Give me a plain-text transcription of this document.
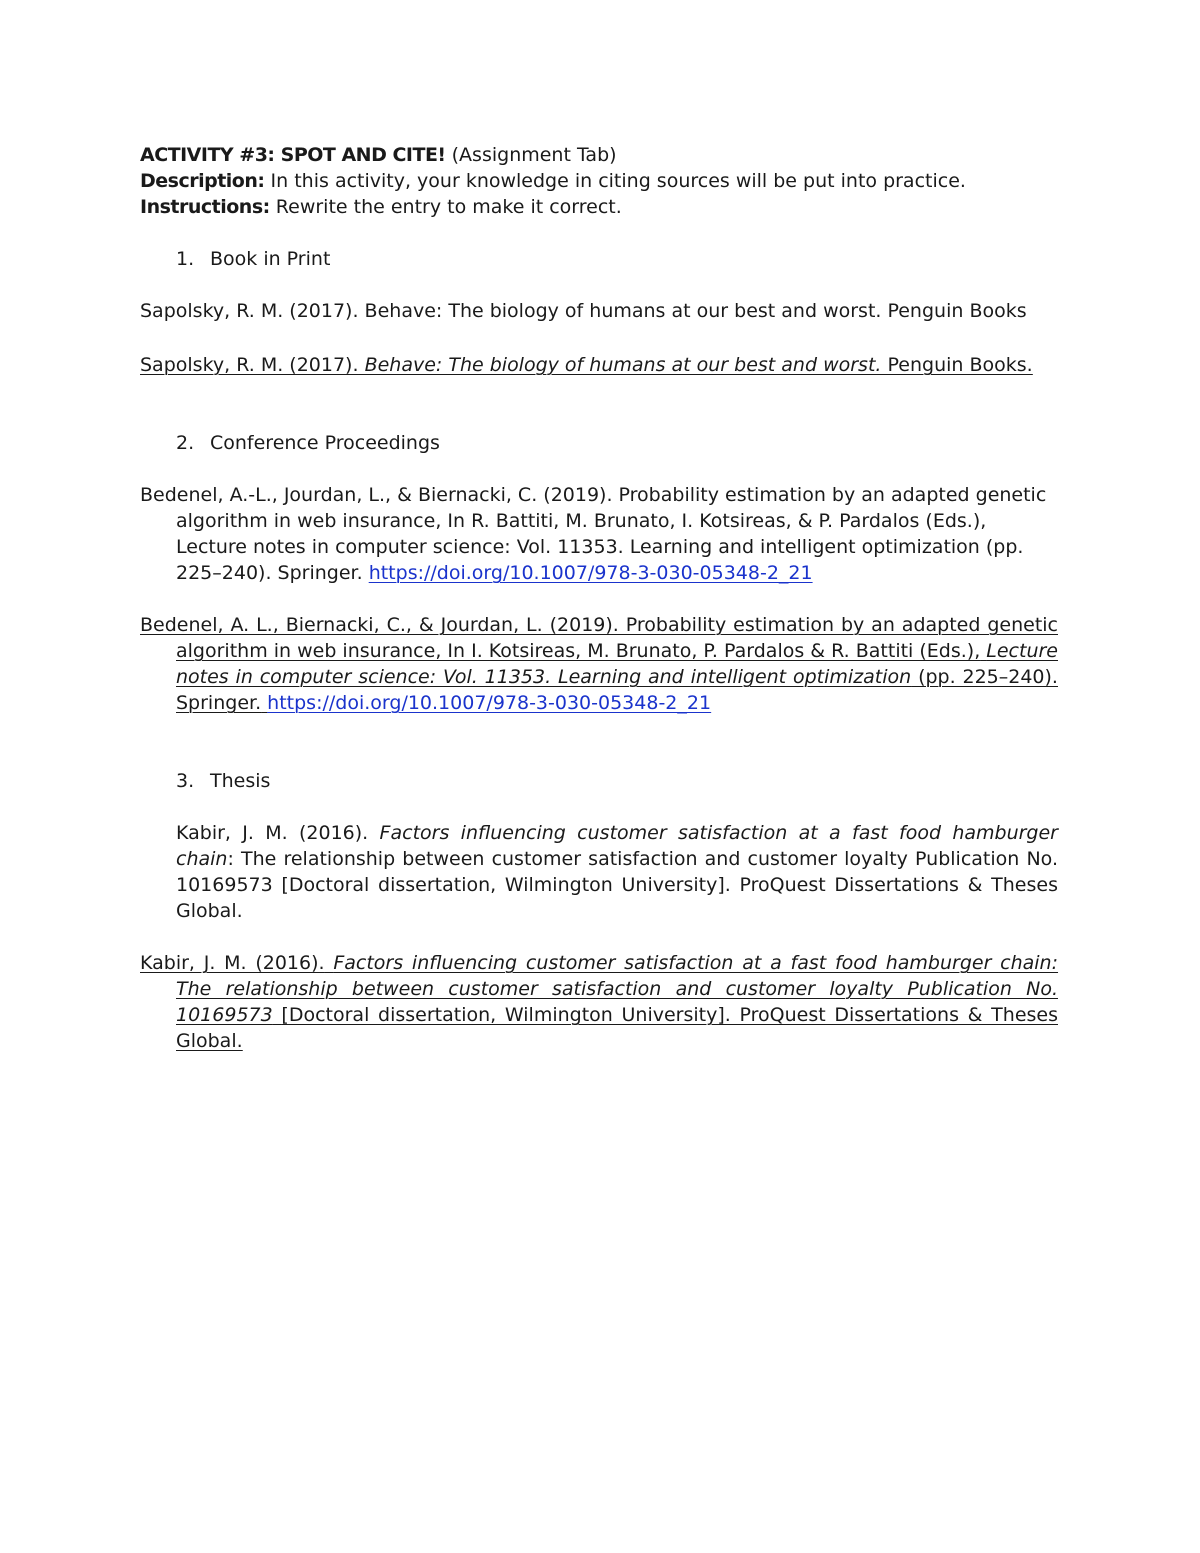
ACTIVITY #3: SPOT AND CITE! (Assignment Tab)

Description: In this activity, your knowledge in citing sources will be put into practice.

Instructions: Rewrite the entry to make it correct.

1. Book in Print

Sapolsky, R. M. (2017). Behave: The biology of humans at our best and worst. Penguin Books

Sapolsky, R. M. (2017). Behave: The biology of humans at our best and worst. Penguin Books.

2. Conference Proceedings

Bedenel, A.-L., Jourdan, L., & Biernacki, C. (2019). Probability estimation by an adapted genetic algorithm in web insurance, In R. Battiti, M. Brunato, I. Kotsireas, & P. Pardalos (Eds.), Lecture notes in computer science: Vol. 11353. Learning and intelligent optimization (pp. 225–240). Springer. https://doi.org/10.1007/978-3-030-05348-2_21

Bedenel, A. L., Biernacki, C., & Jourdan, L. (2019). Probability estimation by an adapted genetic algorithm in web insurance, In I. Kotsireas, M. Brunato, P. Pardalos & R. Battiti (Eds.), Lecture notes in computer science: Vol. 11353. Learning and intelligent optimization (pp. 225–240). Springer. https://doi.org/10.1007/978-3-030-05348-2_21

3. Thesis

Kabir, J. M. (2016). Factors influencing customer satisfaction at a fast food hamburger chain: The relationship between customer satisfaction and customer loyalty Publication No. 10169573 [Doctoral dissertation, Wilmington University]. ProQuest Dissertations & Theses Global.

Kabir, J. M. (2016). Factors influencing customer satisfaction at a fast food hamburger chain: The relationship between customer satisfaction and customer loyalty Publication No. 10169573 [Doctoral dissertation, Wilmington University]. ProQuest Dissertations & Theses Global.
